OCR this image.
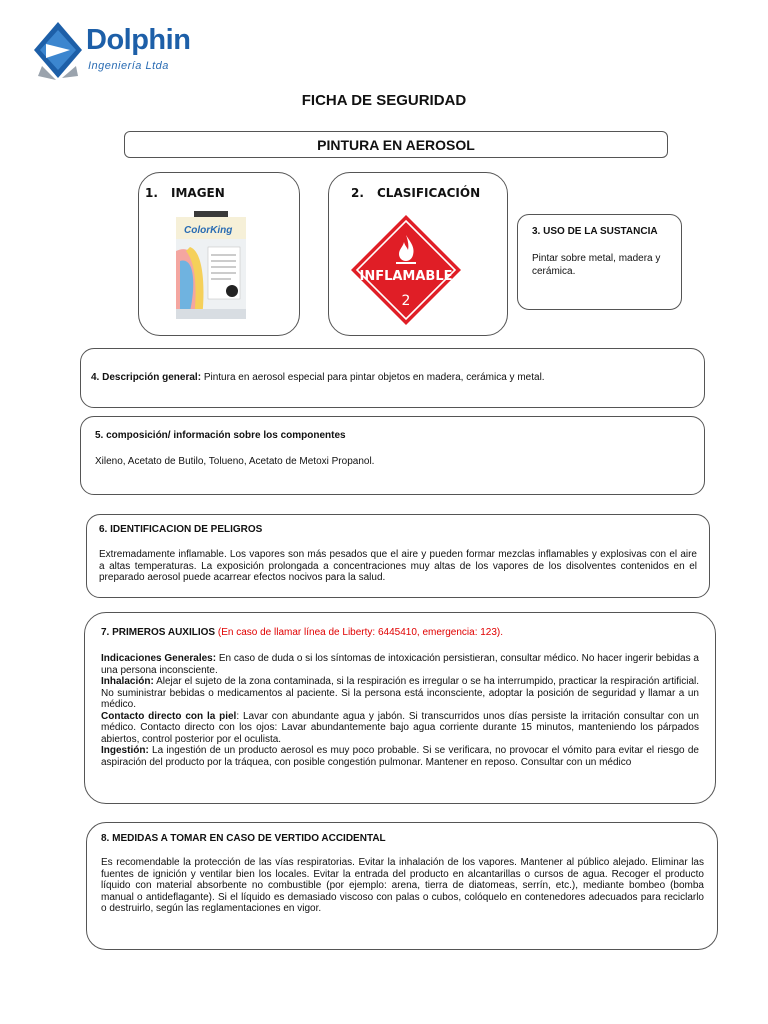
Dolphin
Ingeniería Ltda
FICHA DE SEGURIDAD
PINTURA EN AEROSOL
1. IMAGEN
ColorKing
2. CLASIFICACIÓN
INFLAMABLE
2
3. USO DE LA SUSTANCIA
Pintar sobre metal, madera y cerámica.
4. Descripción general: Pintura en aerosol especial para pintar objetos en madera, cerámica y metal.
5. composición/ información sobre los componentes
Xileno, Acetato de Butilo, Tolueno, Acetato de Metoxi Propanol.
6. IDENTIFICACION DE PELIGROS
Extremadamente inflamable. Los vapores son más pesados que el aire y pueden formar mezclas inflamables y explosivas con el aire a altas temperaturas. La exposición prolongada a concentraciones muy altas de los vapores de los disolventes contenidos en el preparado aerosol puede acarrear efectos nocivos para la salud.
7. PRIMEROS AUXILIOS (En caso de llamar línea de Liberty: 6445410, emergencia: 123).
Indicaciones Generales: En caso de duda o si los síntomas de intoxicación persistieran, consultar médico. No hacer ingerir bebidas a una persona inconsciente.
Inhalación: Alejar el sujeto de la zona contaminada, si la respiración es irregular o se ha interrumpido, practicar la respiración artificial. No suministrar bebidas o medicamentos al paciente. Si la persona está inconsciente, adoptar la posición de seguridad y llamar a un médico.
Contacto directo con la piel: Lavar con abundante agua y jabón. Si transcurridos unos días persiste la irritación consultar con un médico. Contacto directo con los ojos: Lavar abundantemente bajo agua corriente durante 15 minutos, manteniendo los párpados abiertos, control posterior por el oculista.
Ingestión: La ingestión de un producto aerosol es muy poco probable. Si se verificara, no provocar el vómito para evitar el riesgo de aspiración del producto por la tráquea, con posible congestión pulmonar. Mantener en reposo. Consultar con un médico
8. MEDIDAS A TOMAR EN CASO DE VERTIDO ACCIDENTAL
Es recomendable la protección de las vías respiratorias. Evitar la inhalación de los vapores. Mantener al público alejado. Eliminar las fuentes de ignición y ventilar bien los locales. Evitar la entrada del producto en alcantarillas o cursos de agua. Recoger el producto líquido con material absorbente no combustible (por ejemplo: arena, tierra de diatomeas, serrín, etc.), mediante bombeo (bomba manual o antideflagante). Si el líquido es demasiado viscoso con palas o cubos, colóquelo en contenedores adecuados para reciclarlo o destruirlo, según las reglamentaciones en vigor.
